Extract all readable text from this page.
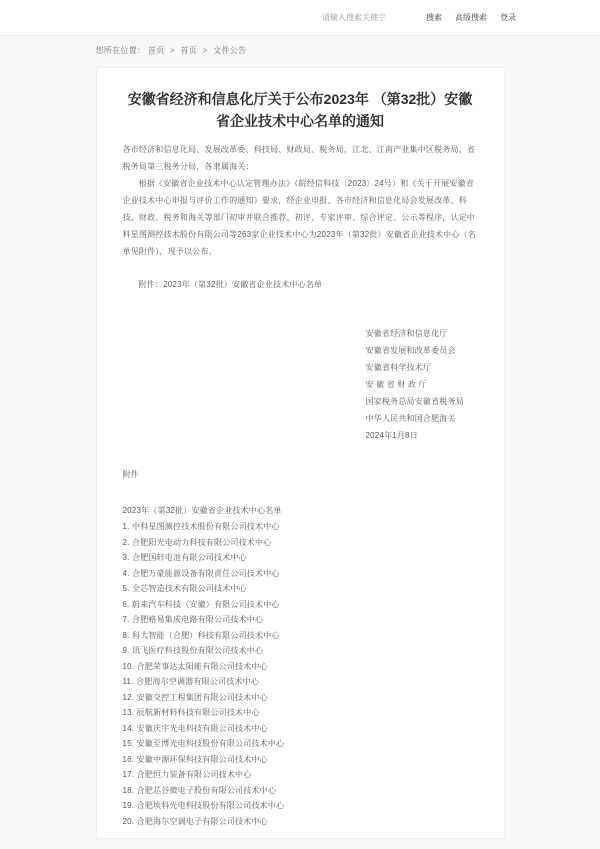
请输入搜索关键字
搜索 高级搜索 登录
您所在位置： 首页 > 首页 > 文件公告
安徽省经济和信息化厅关于公布2023年 （第32批）安徽省企业技术中心名单的通知
各市经济和信息化局、发展改革委、科技局、财政局、税务局，江北、江南产业集中区税务局，省税务局第三税务分局，各隶属海关：
根据《安徽省企业技术中心认定管理办法》（皖经信科技〔2023〕24号）和《关于开展安徽省企业技术中心申报与评价工作的通知》要求，经企业申报、各市经济和信息化局会发展改革、科技、财政、税务和海关等部门初审并联合推荐、初评、专家评审、综合评定、公示等程序，认定中科星图测控技术股份有限公司等263家企业技术中心为2023年（第32批）安徽省企业技术中心（名单见附件），现予以公布。
附件：2023年（第32批）安徽省企业技术中心名单
安徽省经济和信息化厅
安徽省发展和改革委员会
安徽省科学技术厅
安 徽 省 财 政 厅
国家税务总局安徽省税务局
中华人民共和国合肥海关
2024年1月8日
附件
2023年（第32批）安徽省企业技术中心名单
1. 中科星图测控技术股份有限公司技术中心
2. 合肥阳光电动力科技有限公司技术中心
3. 合肥国轩电池有限公司技术中心
4. 合肥万豪能源设备有限责任公司技术中心
5. 全芯智造技术有限公司技术中心
6. 蔚来汽车科技（安徽）有限公司技术中心
7. 合肥格易集成电路有限公司技术中心
8. 科大智能（合肥）科技有限公司技术中心
9. 讯飞医疗科技股份有限公司技术中心
10. 合肥荣事达太阳能有限公司技术中心
11. 合肥海尔空调器有限公司技术中心
12. 安徽交控工程集团有限公司技术中心
13. 辰航新材料科技有限公司技术中心
14. 安徽庆宇光电科技有限公司技术中心
15. 安徽至博光电科技股份有限公司技术中心
16. 安徽中源环保科技有限公司技术中心
17. 合肥恒力装备有限公司技术中心
18. 合肥芯谷微电子股份有限公司技术中心
19. 合肥埃科光电科技股份有限公司技术中心
20. 合肥海尔空调电子有限公司技术中心
